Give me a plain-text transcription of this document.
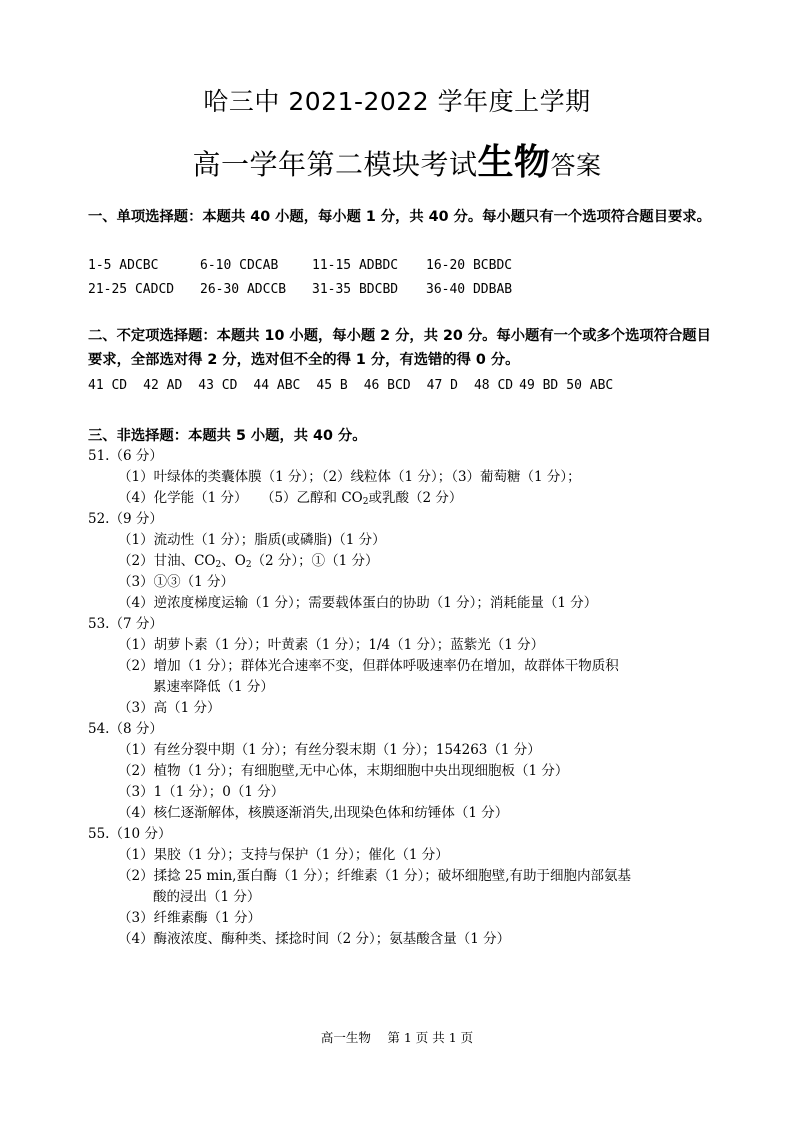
哈三中 2021-2022 学年度上学期
高一学年第二模块考试生物答案
一、单项选择题：本题共 40 小题，每小题 1 分，共 40 分。每小题只有一个选项符合题目要求。
1-5 ADCBC	6-10 CDCAB	11-15 ADBDC 16-20 BCBDC
21-25 CADCD 26-30 ADCCB 31-35 BDCBD 36-40 DDBAB
二、不定项选择题：本题共 10 小题，每小题 2 分，共 20 分。每小题有一个或多个选项符合题目要求，全部选对得 2 分，选对但不全的得 1 分，有选错的得 0 分。
41 CD 42 AD 43 CD 44 ABC 45 B 46 BCD 47 D 48 CD 49 BD 50 ABC
三、非选择题：本题共 5 小题，共 40 分。
51.（6 分）
（1）叶绿体的类囊体膜（1 分）；（2）线粒体（1 分）；（3）葡萄糖（1 分）；
（4）化学能（1 分）　　（5）乙醇和 $CO_2$或乳酸（2 分）
52.（9 分）
（1）流动性（1 分）；脂质(或磷脂)（1 分）
（2）甘油、$CO_2$、$O_2(2$ 分）；①（1 分）
（3）①③（1 分）
（4）逆浓度梯度运输（1 分）；需要载体蛋白的协助（1 分）；消耗能量（1 分）
53.（7 分）
（1）胡萝卜素（1 分）；叶黄素（1 分）；1/4（1 分）；蓝紫光（1 分）
（2）增加（1 分）；群体光合速率不变，但群体呼吸速率仍在增加，故群体干物质积
累速率降低（1 分）
（3）高（1 分）
54.（8 分）
（1）有丝分裂中期（1 分）；有丝分裂末期（1 分）；154263（1 分）
（2）植物（1 分）；有细胞壁,无中心体，末期细胞中央出现细胞板（1 分）
（3）1（1 分）；0（1 分）
（4）核仁逐渐解体，核膜逐渐消失,出现染色体和纺锤体（1 分）
55.（10 分）
（1）果胶（1 分）；支持与保护（1 分）；催化（1 分）
（2）揉捻 25 min,蛋白酶（1 分）；纤维素（1 分）；破坏细胞壁,有助于细胞内部氨基
酸的浸出（1 分）
（3）纤维素酶（1 分）
（4）酶液浓度、酶种类、揉捻时间（2 分）；氨基酸含量（1 分）
高一生物　 第 1 页 共 1 页
